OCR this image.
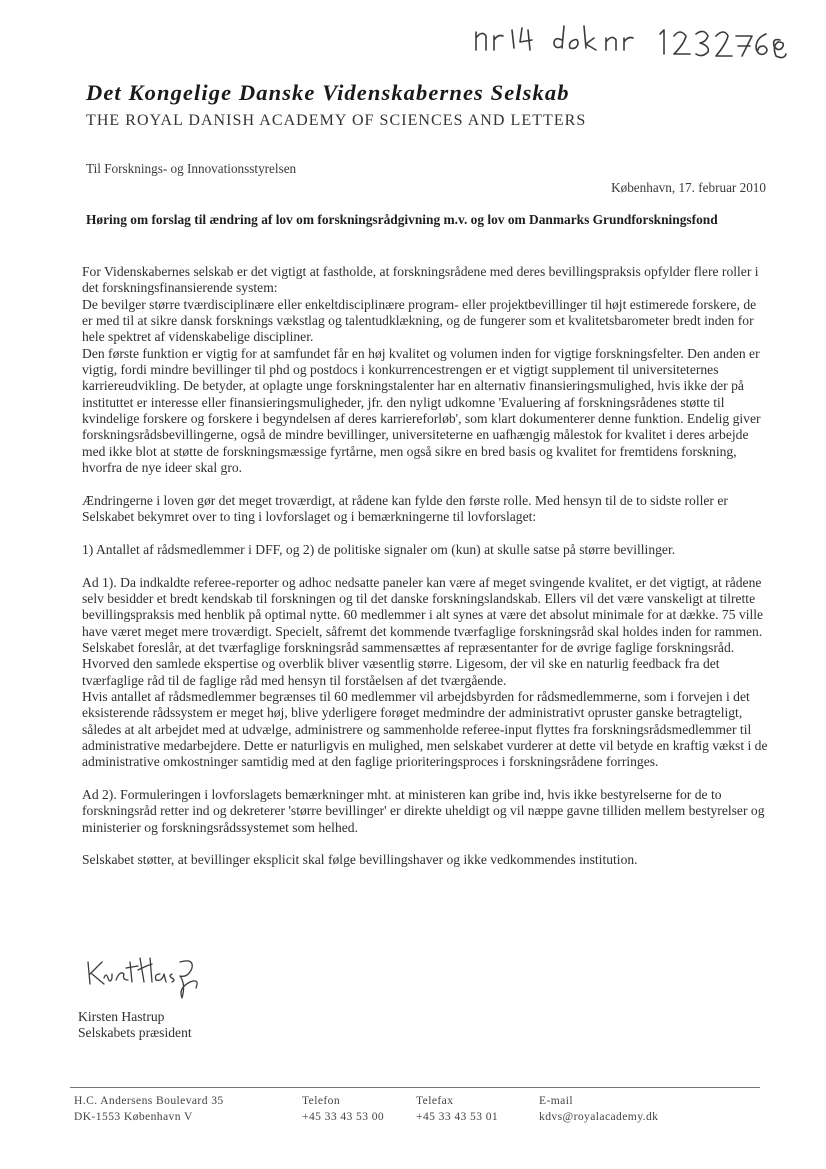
Det Kongelige Danske Videnskabernes Selskab
THE ROYAL DANISH ACADEMY OF SCIENCES AND LETTERS
Til Forsknings- og Innovationsstyrelsen
København, 17. februar 2010
Høring om forslag til ændring af lov om forskningsrådgivning m.v. og lov om Danmarks Grundforskningsfond

For Videnskabernes selskab er det vigtigt at fastholde, at forskningsrådene med deres bevillingspraksis opfylder flere roller i det forskningsfinansierende system:
De bevilger større tværdisciplinære eller enkeltdisciplinære program- eller projektbevillinger til højt estimerede forskere, de er med til at sikre dansk forsknings vækstlag og talentudklækning, og de fungerer som et kvalitetsbarometer bredt inden for hele spektret af videnskabelige discipliner.
Den første funktion er vigtig for at samfundet får en høj kvalitet og volumen inden for vigtige forskningsfelter. Den anden er vigtig, fordi mindre bevillinger til phd og postdocs i konkurrencestrengen er et vigtigt supplement til universiteternes karriereudvikling. De betyder, at oplagte unge forskningstalenter har en alternativ finansieringsmulighed, hvis ikke der på instituttet er interesse eller finansieringsmuligheder, jfr. den nyligt udkomne 'Evaluering af forskningsrådenes støtte til kvindelige forskere og forskere i begyndelsen af deres karriereforløb', som klart dokumenterer denne funktion. Endelig giver forskningsrådsbevillingerne, også de mindre bevillinger, universiteterne en uafhængig målestok for kvalitet i deres arbejde med ikke blot at støtte de forskningsmæssige fyrtårne, men også sikre en bred basis og kvalitet for fremtidens forskning, hvorfra de nye ideer skal gro.

Ændringerne i loven gør det meget troværdigt, at rådene kan fylde den første rolle. Med hensyn til de to sidste roller er Selskabet bekymret over to ting i lovforslaget og i bemærkningerne til lovforslaget:

1) Antallet af rådsmedlemmer i DFF, og 2) de politiske signaler om (kun) at skulle satse på større bevillinger.

Ad 1). Da indkaldte referee-reporter og adhoc nedsatte paneler kan være af meget svingende kvalitet, er det vigtigt, at rådene selv besidder et bredt kendskab til forskningen og til det danske forskningslandskab. Ellers vil det være vanskeligt at tilrette bevillingspraksis med henblik på optimal nytte. 60 medlemmer i alt synes at være det absolut minimale for at dække. 75 ville have været meget mere troværdigt. Specielt, såfremt det kommende tværfaglige forskningsråd skal holdes inden for rammen. Selskabet foreslår, at det tværfaglige forskningsråd sammensættes af repræsentanter for de øvrige faglige forskningsråd. Hvorved den samlede ekspertise og overblik bliver væsentlig større. Ligesom, der vil ske en naturlig feedback fra det tværfaglige råd til de faglige råd med hensyn til forståelsen af det tværgående.
Hvis antallet af rådsmedlemmer begrænses til 60 medlemmer vil arbejdsbyrden for rådsmedlemmerne, som i forvejen i det eksisterende rådssystem er meget høj, blive yderligere forøget medmindre der administrativt opruster ganske betragteligt, således at alt arbejdet med at udvælge, administrere og sammenholde referee-input flyttes fra forskningsrådsmedlemmer til administrative medarbejdere. Dette er naturligvis en mulighed, men selskabet vurderer at dette vil betyde en kraftig vækst i de administrative omkostninger samtidig med at den faglige prioriteringsproces i forskningsrådene forringes.

Ad 2). Formuleringen i lovforslagets bemærkninger mht. at ministeren kan gribe ind, hvis ikke bestyrelserne for de to forskningsråd retter ind og dekreterer 'større bevillinger' er direkte uheldigt og vil næppe gavne tilliden mellem bestyrelser og ministerier og forskningsrådssystemet som helhed.

Selskabet støtter, at bevillinger eksplicit skal følge bevillingshaver og ikke vedkommendes institution.

Kirsten Hastrup
Selskabets præsident
H.C. Andersens Boulevard 35
DK-1553 København V
Telefon
+45 33 43 53 00
Telefax
+45 33 43 53 01
E-mail
kdvs@royalacademy.dk
